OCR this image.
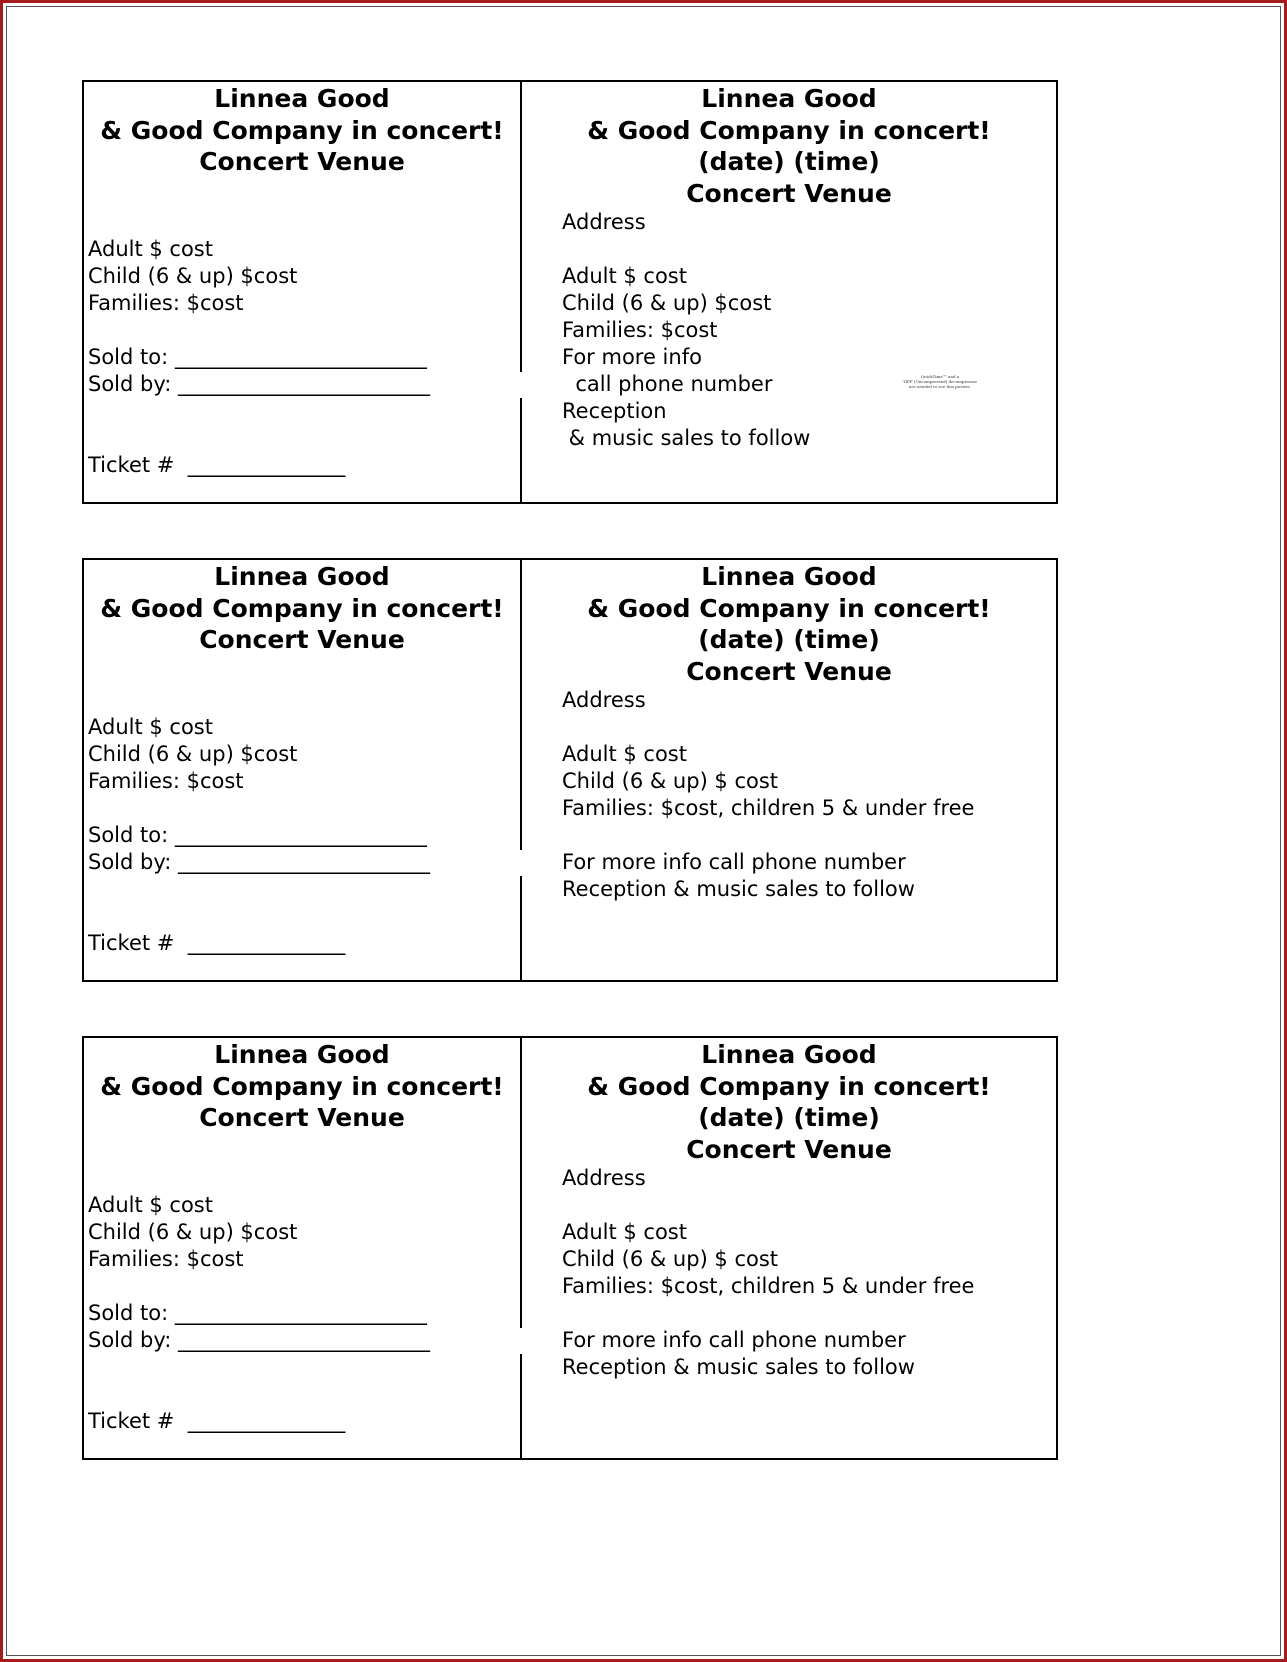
Linnea Good
& Good Company in concert!
Concert Venue
Adult $ cost
Child (6 & up) $cost
Families: $cost
Sold to: ________________________
Sold by: ________________________
Ticket #  _______________
Linnea Good
& Good Company in concert!
(date) (time)
Concert Venue
Address
Adult $ cost
Child (6 & up) $cost
Families: $cost
For more info
call phone number
Reception
& music sales to follow
QuickTime™ and a
TIFF (Uncompressed) decompressor
are needed to see this picture.
Linnea Good
& Good Company in concert!
Concert Venue
Adult $ cost
Child (6 & up) $cost
Families: $cost
Sold to: ________________________
Sold by: ________________________
Ticket #  _______________
Linnea Good
& Good Company in concert!
(date) (time)
Concert Venue
Address
Adult $ cost
Child (6 & up) $ cost
Families: $cost, children 5 & under free
For more info call phone number
Reception & music sales to follow
Linnea Good
& Good Company in concert!
Concert Venue
Adult $ cost
Child (6 & up) $cost
Families: $cost
Sold to: ________________________
Sold by: ________________________
Ticket #  _______________
Linnea Good
& Good Company in concert!
(date) (time)
Concert Venue
Address
Adult $ cost
Child (6 & up) $ cost
Families: $cost, children 5 & under free
For more info call phone number
Reception & music sales to follow
